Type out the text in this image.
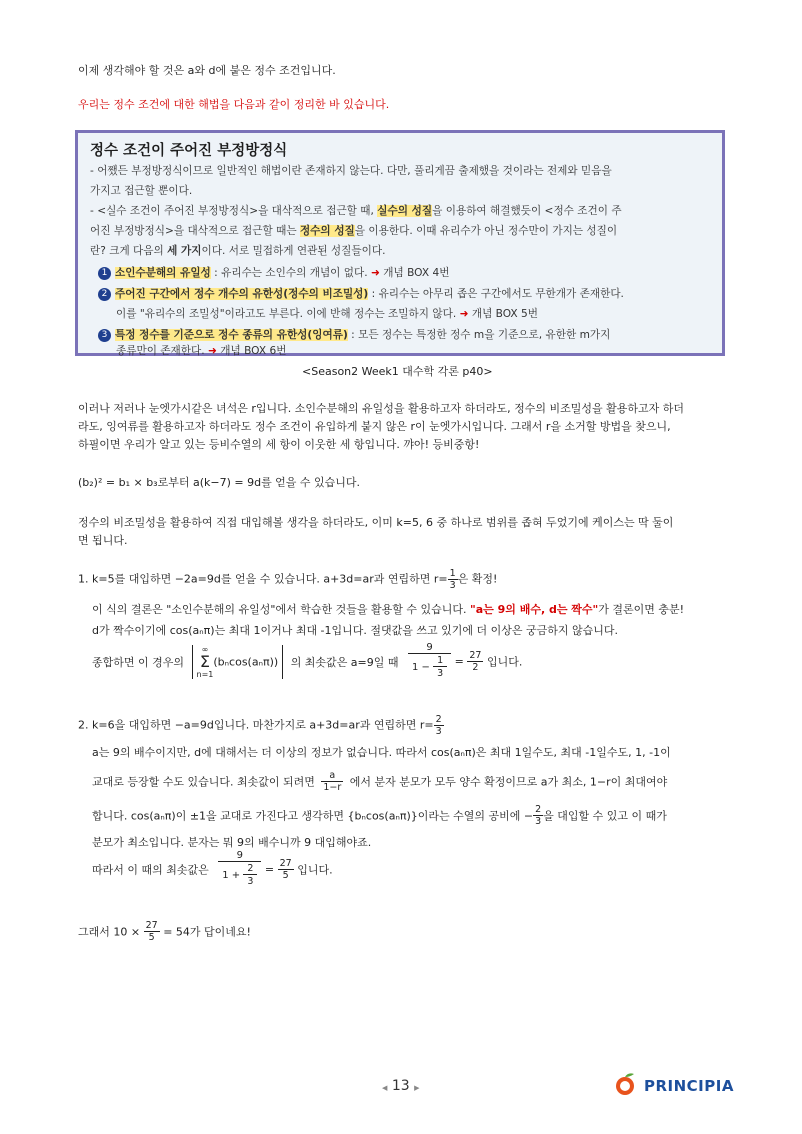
이제 생각해야 할 것은 a와 d에 붙은 정수 조건입니다.
우리는 정수 조건에 대한 해법을 다음과 같이 정리한 바 있습니다.
정수 조건이 주어진 부정방정식
- 어쨌든 부정방정식이므로 일반적인 해법이란 존재하지 않는다. 다만, 풀리게끔 출제했을 것이라는 전제와 믿음을
가지고 접근할 뿐이다.
- <실수 조건이 주어진 부정방정식>을 대삭적으로 접근할 때, 실수의 성질을 이용하여 해결했듯이 <정수 조건이 주
어진 부정방정식>을 대삭적으로 접근할 때는 정수의 성질을 이용한다. 이때 유리수가 아닌 정수만이 가지는 성질이
란? 크게 다음의 세 가지이다. 서로 밀접하게 연관된 성질들이다.
1 소인수분해의 유일성 : 유리수는 소인수의 개념이 없다. ➜ 개념 BOX 4번
2 주어진 구간에서 정수 개수의 유한성(정수의 비조밀성) : 유리수는 아무리 좁은 구간에서도 무한개가 존재한다.
이를 "유리수의 조밀성"이라고도 부른다. 이에 반해 정수는 조밀하지 않다. ➜ 개념 BOX 5번
3 특정 정수를 기준으로 정수 종류의 유한성(잉여류) : 모든 정수는 특정한 정수 m을 기준으로, 유한한 m가지
종류만이 존재한다. ➜ 개념 BOX 6번
<Season2 Week1 대수학 각론 p40>
이러나 저러나 눈엣가시같은 녀석은 r입니다. 소인수분해의 유일성을 활용하고자 하더라도, 정수의 비조밀성을 활용하고자 하더
라도, 잉여류를 활용하고자 하더라도 정수 조건이 유입하게 붙지 않은 r이 눈엣가시입니다. 그래서 r을 소거할 방법을 찾으니,
하필이면 우리가 알고 있는 등비수열의 세 항이 이웃한 세 항입니다. 꺄아! 등비중항!
(b₂)² = b₁ × b₃로부터 a(k−7) = 9d를 얻을 수 있습니다.
정수의 비조밀성을 활용하여 직접 대입해볼 생각을 하더라도, 이미 k=5, 6 중 하나로 범위를 좁혀 두었기에 케이스는 딱 둘이
면 됩니다.
1. k=5를 대입하면 −2a=9d를 얻을 수 있습니다. a+3d=ar과 연립하면 $r= \frac{1}{3}$ 은 확정!
이 식의 결론은 "소인수분해의 유일성"에서 학습한 것들을 활용할 수 있습니다. "a는 9의 배수, d는 짝수"가 결론이면 충분!
d가 짝수이기에 cos(aₙπ)는 최대 1이거나 최대 -1입니다. 절댓값을 쓰고 있기에 더 이상은 궁금하지 않습니다.
종합하면 이 경우의
∞
Σ
n=1
(bₙcos(aₙπ)) 의 최솟값은 a=9일 때 $\frac{9}{1 - \frac{1}{3}} = \frac{27}{2}$ 입니다.
2. k=6을 대입하면 −a=9d입니다. 마찬가지로 a+3d=ar과 연립하면 $r= \frac{2}{3}$
a는 9의 배수이지만, d에 대해서는 더 이상의 정보가 없습니다. 따라서 cos(aₙπ)은 최대 1일수도, 최대 -1일수도, 1, -1이
교대로 등장할 수도 있습니다. 최솟값이 되려면 $\frac{a}{1-r}$ 에서 분자 분모가 모두 양수 확정이므로 a가 최소, 1−r이 최대여야
합니다. cos(aₙπ)이 ±1을 교대로 가진다고 생각하면 {bₙcos(aₙπ)}이라는 수열의 공비에 − $\frac{2}{3}$ 을 대입할 수 있고 이 때가
분모가 최소입니다. 분자는 뭐 9의 배수니까 9 대입해야죠.
따라서 이 때의 최솟값은 $\frac{9}{1 + \frac{2}{3}} = \frac{27}{5}$ 입니다.
그래서 $10 \times \frac{27}{5} = 54$가 답이네요!
◀ 13 ▶	PRINCIPIA
